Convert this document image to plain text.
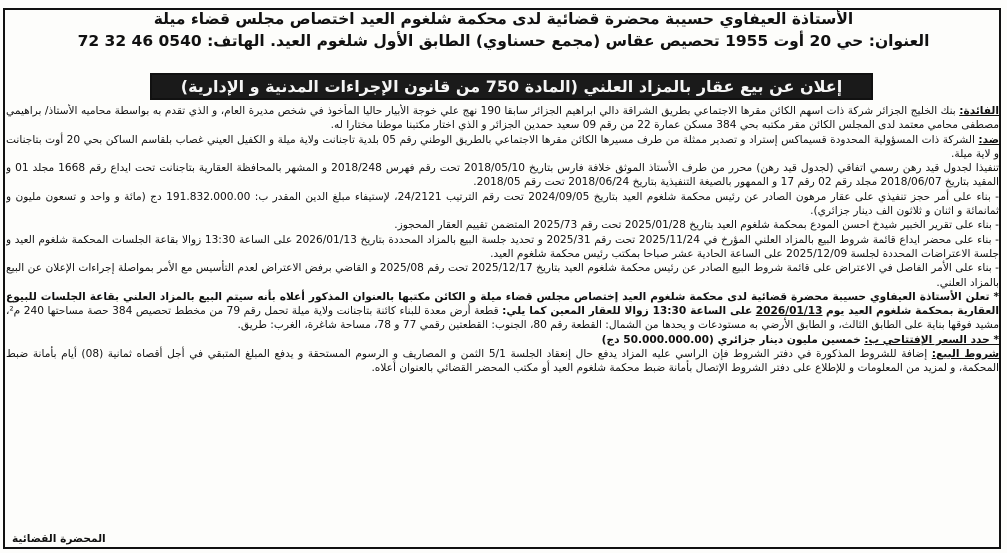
الأستاذة العيفاوي حسيبة محضرة قضائية لدى محكمة شلغوم العيد اختصاص مجلس قضاء ميلة
العنوان: حي 20 أوت 1955 تحصيص عقاس (مجمع حسناوي) الطابق الأول شلغوم العيد. الهاتف: 0540 46 32 72
إعلان عن بيع عقار بالمزاد العلني (المادة 750 من قانون الإجراءات المدنية و الإدارية)

الفائدة: بنك الخليج الجزائر شركة ذات اسهم الكائن مقرها الاجتماعي بطريق الشراقة دالي ابراهيم الجزائر سابقا 190 نهج علي خوجة الأبيار حاليا المأخوذ في شخص مديرة العام، و الذي تقدم به بواسطة محاميه الأستاذ/ براهيمي مصطفى محامي معتمد لدى المجلس الكائن مقر مكتبه بحي 384 مسكن عمارة 22 من رقم 09 سعيد حمدين الجزائر و الذي اختار مكتبنا موطنا مختارا له.

ضد: الشركة ذات المسؤولية المحدودة قسيماكس إستراد و تصدير ممثلة من طرف مسيرها الكائن مقرها الاجتماعي بالطريق الوطني رقم 05 بلدية تاجنانت ولاية ميلة و الكفيل العيني غصاب بلقاسم الساكن بحي 20 أوت بتاجنانت و لاية ميلة.

تنفيذا لجدول قيد رهن رسمي اتفاقي (لجدول قيد رهن) محرر من طرف الأستاذ الموثق خلافة فارس بتاريخ 2018/05/10 تحت رقم فهرس 2018/248 و المشهر بالمحافظة العقارية بتاجنانت تحت ايداع رقم 1668 مجلد 01 و المقيد بتاريخ 2018/06/07 مجلد رقم 02 رقم 17 و الممهور بالصيغة التنفيذية بتاريخ 2018/06/24 تحت رقم 2018/05.

- بناء على أمر حجز تنفيذي على عقار مرهون الصادر عن رئيس محكمة شلغوم العيد بتاريخ 2024/09/05 تحت رقم الترتيب 24/2121، لإستيفاء مبلغ الدين المقدر ب: 191.832.000.00 دج (مائة و واحد و تسعون مليون و ثمانمائة و اثنان و ثلاثون الف دينار جزائري).

- بناء على تقرير الخبير شيدخ احسن المودع بمحكمة شلغوم العيد بتاريخ 2025/01/28 تحت رقم 2025/73 المتضمن تقييم العقار المحجوز.

- بناء على محضر ايداع قائمة شروط البيع بالمزاد العلني المؤرخ في 2025/11/24 تحت رقم 2025/31 و تحديد جلسة البيع بالمزاد المحددة بتاريخ 2026/01/13 على الساعة 13:30 زوالا بقاعة الجلسات المحكمة شلغوم العيد و جلسة الاعتراضات المحددة لجلسة 2025/12/09 على الساعة الحادية عشر صباحا بمكتب رئيس محكمة شلغوم العيد.

- بناء على الأمر الفاصل في الاعتراض على قائمة شروط البيع الصادر عن رئيس محكمة شلغوم العيد بتاريخ 2025/12/17 تحت رقم 2025/08 و القاضي برفض الاعتراض لعدم التأسيس مع الأمر بمواصلة إجراءات الإعلان عن البيع بالمزاد العلني.

* تعلن الأستاذة العيفاوي حسيبة محضرة قضائية لدى محكمة شلغوم العيد إختصاص مجلس قضاء ميلة و الكائن مكتبها بالعنوان المذكور أعلاه بأنه سيتم البيع بالمزاد العلني بقاعة الجلسات للبيوع العقارية بمحكمة شلغوم العيد يوم 2026/01/13 على الساعة 13:30 زوالا للعقار المعين كما يلي: قطعة أرض معدة للبناء كائنة بتاجنانت ولاية ميلة تحمل رقم 79 من مخطط تحصيص 384 حصة مساحتها 240 م²، مشيد فوقها بناية على الطابق الثالث، و الطابق الأرضي به مستودعات و يحدها من الشمال: القطعة رقم 80، الجنوب: القطعتين رقمي 77 و 78، مساحة شاغرة، الغرب: طريق.

* حدد السعر الإفتتاحي ب: خمسين مليون دينار جزائري (50.000.000.00 دج)

شروط البيع: إضافة للشروط المذكورة في دفتر الشروط فإن الراسي عليه المزاد يدفع حال إنعقاد الجلسة 5/1 الثمن و المصاريف و الرسوم المستحقة و يدفع المبلغ المتبقي في أجل أقصاه ثمانية (08) أيام بأمانة ضبط المحكمة، و لمزيد من المعلومات و للإطلاع على دفتر الشروط الإتصال بأمانة ضبط محكمة شلغوم العيد أو مكتب المحضر القضائي بالعنوان أعلاه.

المحضرة القضائية
